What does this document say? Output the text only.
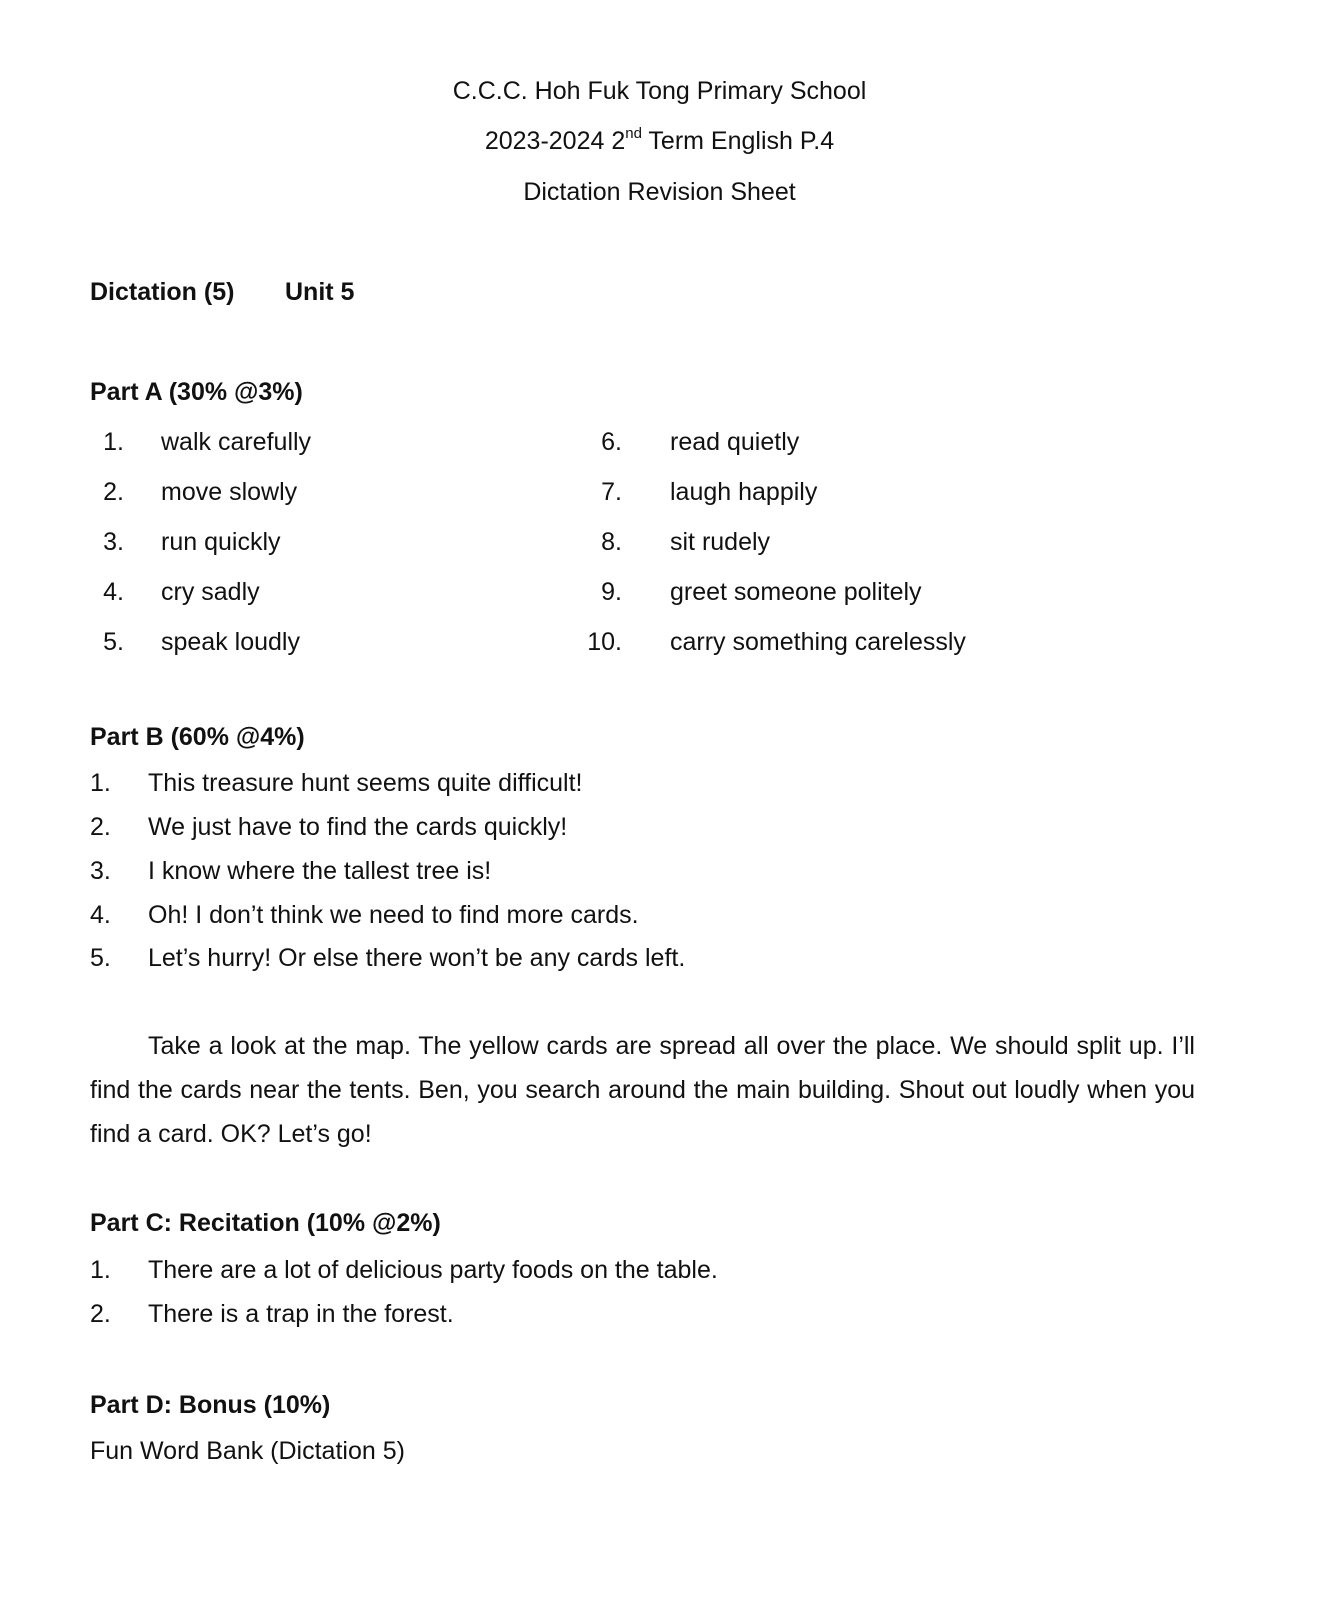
C.C.C. Hoh Fuk Tong Primary School
2023-2024 2nd Term English P.4
Dictation Revision Sheet
Dictation (5) Unit 5
Part A (30% @3%)
1. walk carefully
2. move slowly
3. run quickly
4. cry sadly
5. speak loudly
6. read quietly
7. laugh happily
8. sit rudely
9. greet someone politely
10. carry something carelessly
Part B (60% @4%)
1. This treasure hunt seems quite difficult!
2. We just have to find the cards quickly!
3. I know where the tallest tree is!
4. Oh! I don’t think we need to find more cards.
5. Let’s hurry! Or else there won’t be any cards left.
Take a look at the map. The yellow cards are spread all over the place. We should split up. I’ll find the cards near the tents. Ben, you search around the main building. Shout out loudly when you find a card. OK? Let’s go!
Part C: Recitation (10% @2%)
1. There are a lot of delicious party foods on the table.
2. There is a trap in the forest.
Part D: Bonus (10%)
Fun Word Bank (Dictation 5)
